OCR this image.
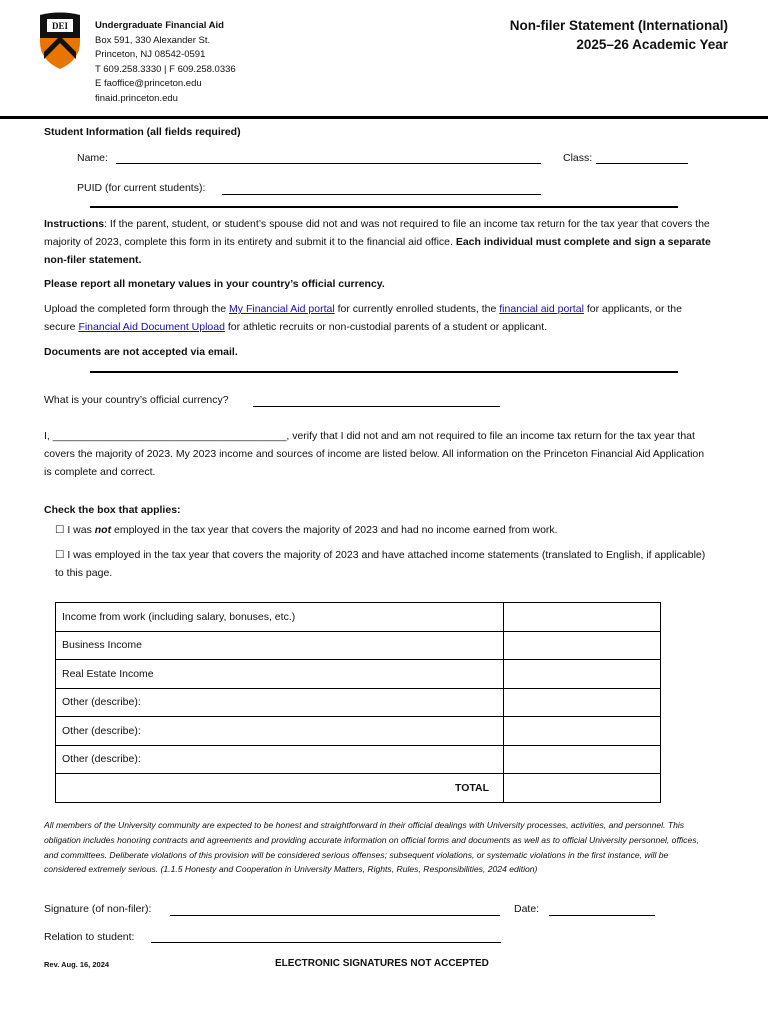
DEI	Undergraduate Financial Aid
Box 591, 330 Alexander St.
Princeton, NJ 08542-0591
T 609.258.3330 | F 609.258.0336
E faoffice@princeton.edu
finaid.princeton.edu
Non-filer Statement (International)
2025–26 Academic Year
Student Information (all fields required)
Name:	Class:
PUID (for current students):
Instructions: If the parent, student, or student’s spouse did not and was not required to file an income tax return for the tax year that covers the majority of 2023, complete this form in its entirety and submit it to the financial aid office. Each individual must complete and sign a separate non-filer statement.
Please report all monetary values in your country’s official currency.
Upload the completed form through the My Financial Aid portal for currently enrolled students, the financial aid portal for applicants, or the secure Financial Aid Document Upload for athletic recruits or non-custodial parents of a student or applicant.
Documents are not accepted via email.
What is your country’s official currency?
I, ________________________________________, verify that I did not and am not required to file an income tax return for the tax year that covers the majority of 2023. My 2023 income and sources of income are listed below. All information on the Princeton Financial Aid Application is complete and correct.
Check the box that applies:
☐ I was not employed in the tax year that covers the majority of 2023 and had no income earned from work.
☐ I was employed in the tax year that covers the majority of 2023 and have attached income statements (translated to English, if applicable) to this page.
Income from work (including salary, bonuses, etc.)	
Business Income	
Real Estate Income	
Other (describe):	
Other (describe):	
Other (describe):	
TOTAL	
All members of the University community are expected to be honest and straightforward in their official dealings with University processes, activities, and personnel. This obligation includes honoring contracts and agreements and providing accurate information on official forms and documents as well as to official University personnel, offices, and committees. Deliberate violations of this provision will be considered serious offenses; subsequent violations, or systematic violations in the first instance, will be considered extremely serious. (1.1.5 Honesty and Cooperation in University Matters, Rights, Rules, Responsibilities, 2024 edition)
Signature (of non-filer):	Date:
Relation to student:
Rev. Aug. 16, 2024	ELECTRONIC SIGNATURES NOT ACCEPTED
